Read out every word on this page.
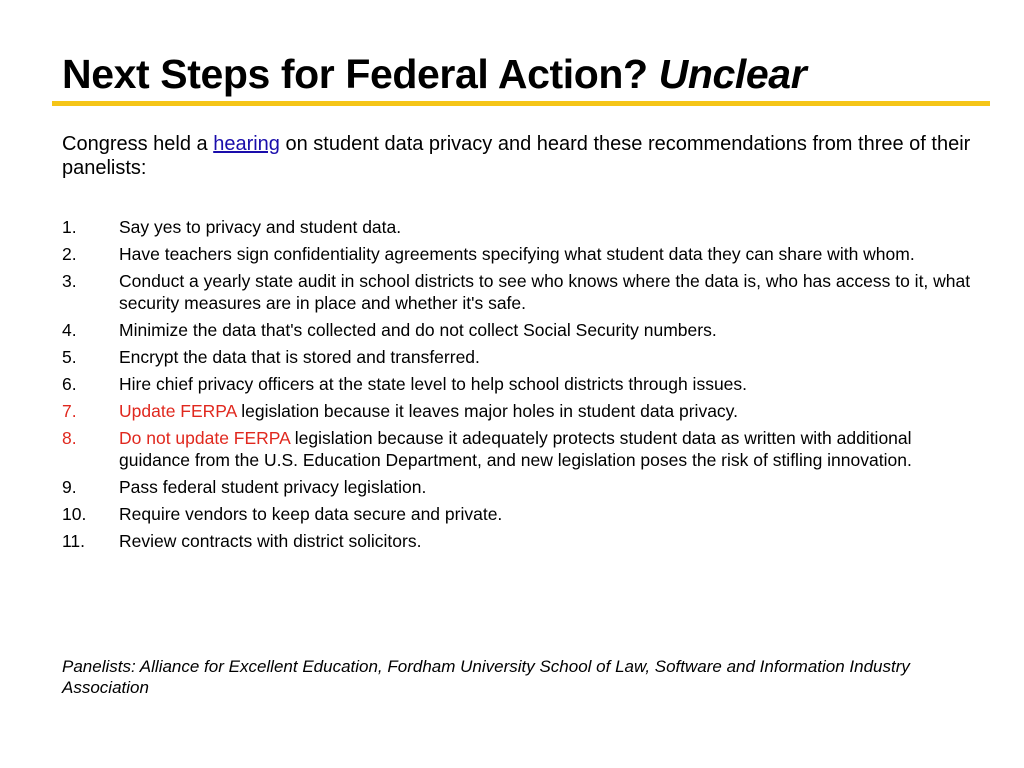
Next Steps for Federal Action? Unclear

Congress held a hearing on student data privacy and heard these recommendations from three of their panelists:

1.	Say yes to privacy and student data.
2.	Have teachers sign confidentiality agreements specifying what student data they can share with whom.
3.	Conduct a yearly state audit in school districts to see who knows where the data is, who has access to it, what security measures are in place and whether it's safe.
4.	Minimize the data that's collected and do not collect Social Security numbers.
5.	Encrypt the data that is stored and transferred.
6.	Hire chief privacy officers at the state level to help school districts through issues.
7.	Update FERPA legislation because it leaves major holes in student data privacy.
8.	Do not update FERPA legislation because it adequately protects student data as written with additional guidance from the U.S. Education Department, and new legislation poses the risk of stifling innovation.
9.	Pass federal student privacy legislation.
10.	Require vendors to keep data secure and private.
11.	Review contracts with district solicitors.

Panelists: Alliance for Excellent Education, Fordham University School of Law, Software and Information Industry Association
